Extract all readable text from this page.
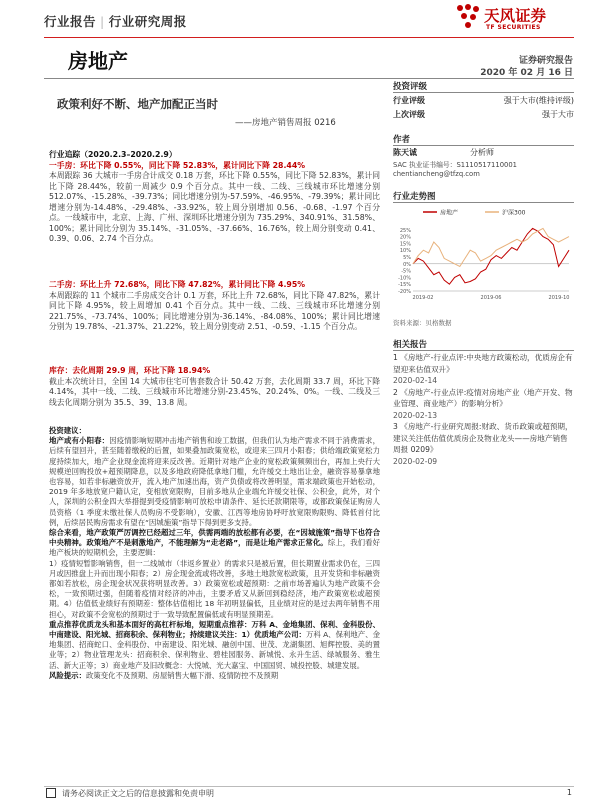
行业报告 | 行业研究周报	天风证券
TF SECURITIES
房地产	证券研究报告
2020 年 02 月 16 日
政策利好不断、地产加配正当时
——房地产销售周报 0216
行业追踪（2020.2.3–2020.2.9）
一手房：环比下降 0.55%，同比下降 52.83%，累计同比下降 28.44%
本周跟踪 36 大城市一手房合计成交 0.18 万套，环比下降 0.55%，同比下降 52.83%，累计同比下降 28.44%，较前一周减少 0.9 个百分点。其中一线、二线、三线城市环比增速分别 512.07%、-15.28%、-39.73%；同比增速分别为-57.59%、-46.95%、-79.39%；累计同比增速分别为-14.48%、-29.48%、-33.92%，较上周分别增加 0.56、-0.68、-1.97 个百分点。一线城市中，北京、上海、广州、深圳环比增速分别为 735.29%、340.91%、31.58%、100%；累计同比分别为 35.14%、-31.05%、-37.66%、16.76%，较上周分别变动 0.41、0.39、0.06、2.74 个百分点。
二手房：环比上升 72.68%，同比下降 47.82%，累计同比下降 4.95%
本周跟踪的 11 个城市二手房成交合计 0.1 万套，环比上升 72.68%，同比下降 47.82%，累计同比下降 4.95%，较上周增加 0.41 个百分点。其中一线、二线、三线城市环比增速分别 221.75%、-73.74%、100%；同比增速分别为-36.14%、-84.08%、100%；累计同比增速分别为 19.78%、-21.37%、21.22%，较上周分别变动 2.51、-0.59、-1.15 个百分点。
库存：去化周期 29.9 周，环比下降 18.94%
截止本次统计日，全国 14 大城市住宅可售套数合计 50.42 万套，去化周期 33.7 周，环比下降 4.14%，其中一线、二线、三线城市环比增速分别-23.45%、20.24%、0%。一线、二线及三线去化周期分别为 35.5、39、13.8 周。
投资建议：
地产或有小阳春：因疫情影响短期冲击地产销售和竣工数据，但我们认为地产需求不同于消费需求，后续有望回升，甚至随着缴税的后置，如果叠加政策宽松，或迎来三四月小阳春；供给端政策宽松力度持续加大，地产企业现金流将迎来反改善。近期针对地产企业的宽松政策频频出台，再加上央行大规模逆回购投放+超预期降息，以及多地政府降低拿地门槛，允许缓交土地出让金，融资容易暴拿地也容易，如若非标融资放开，流入地产加速出海，资产负债或将改善明显，需求端政策也开始松动，2019 年多地放宽户籍认定，变相放宽限购，目前多地从企业端允许缓交社保、公积金，此外，对个人，深圳的公积金四大举措提到受疫情影响可放松申请条件、延长还款期限等，或都政策保证购房人员资格（1 季度未缴社保人员购房不受影响），安徽、江西等地房协呼吁放宽限购限购、降低首付比例，后续居民购房需求有望在“因城施策”指导下得到更多支持。
综合来看，地产政策严厉调控已经超过三年，供需两端的放松都有必要，在“因城施策”指导下也符合中央精神。政策地产不是刺激地产，不能理解为“走老路”，而是让地产需求正常化。综上，我们看好地产板块的短期机会，主要逻辑：
1）疫情短暂影响销售，但一二线城市（非返乡置业）的需求只是被后置，但长期置业需求仍在，三四月或因推盘上升而出现小阳春；2）房企现金流或将改善，多地土地款宽松政策，且开发贷和非标融资都如若放松，房企现金状况获将明显改善。3）政策宽松或超预期：之前市场普遍认为地产政策不会松，一致预期过强，但随着疫情对经济的冲击，主要矛盾又从新回到稳经济，地产政策宽松或超预期。4）估值低业绩好有预期差：整体估值相比 18 年初明显偏低，且业绩对应的是过去两年销售不用担心，对政策不会宽松的预期过于一致导致配置偏低或有明显预期差。
重点推荐优质龙头和基本面好的高杠杆标地，短期重点推荐：万科 A、金地集团、保利、金科股份、中南建设、阳光城、招商积余、保利物业；持续建议关注：1）优质地产公司：万科 A、保利地产、金地集团、招商蛇口、金科股份、中南建设、阳光城、融创中国、世茂、龙湖集团、旭辉控股、美的置业等；2）物业管理龙头：招商积余、保利物业、碧桂园服务、新城悦、永升生活、绿城服务、雅生活、新大正等；3）商业地产及旧改概念：大悦城、光大嘉宝、中国国贸、城投控股、城建发展。
风险提示：政策变化不及预期、房屋销售大幅下滑、疫情防控不及预期
投资评级
行业评级	强于大市(维持评级)
上次评级	强于大市
作者
陈天诚	分析师
SAC 执业证书编号：S1110517110001
chentiancheng@tfzq.com
行业走势图
房地产	沪深300
25%
20%
15%
10%
5%
0%
-5%
-10%
-15%
-20%
2019-02	2019-06	2019-10
资料来源：贝格数据
相关报告
1 《房地产-行业点评:中央地方政策松动，优质房企有望迎来估值双升》
2020-02-14
2 《房地产-行业点评:疫情对房地产业（地产开发、物业管理、商业地产）的影响分析》
2020-02-13
3 《房地产-行业研究周报:财政、货币政策或超预期，建议关注低估值优质房企及物业龙头——房地产销售周报 0209》
2020-02-09
请务必阅读正文之后的信息披露和免责申明	1
